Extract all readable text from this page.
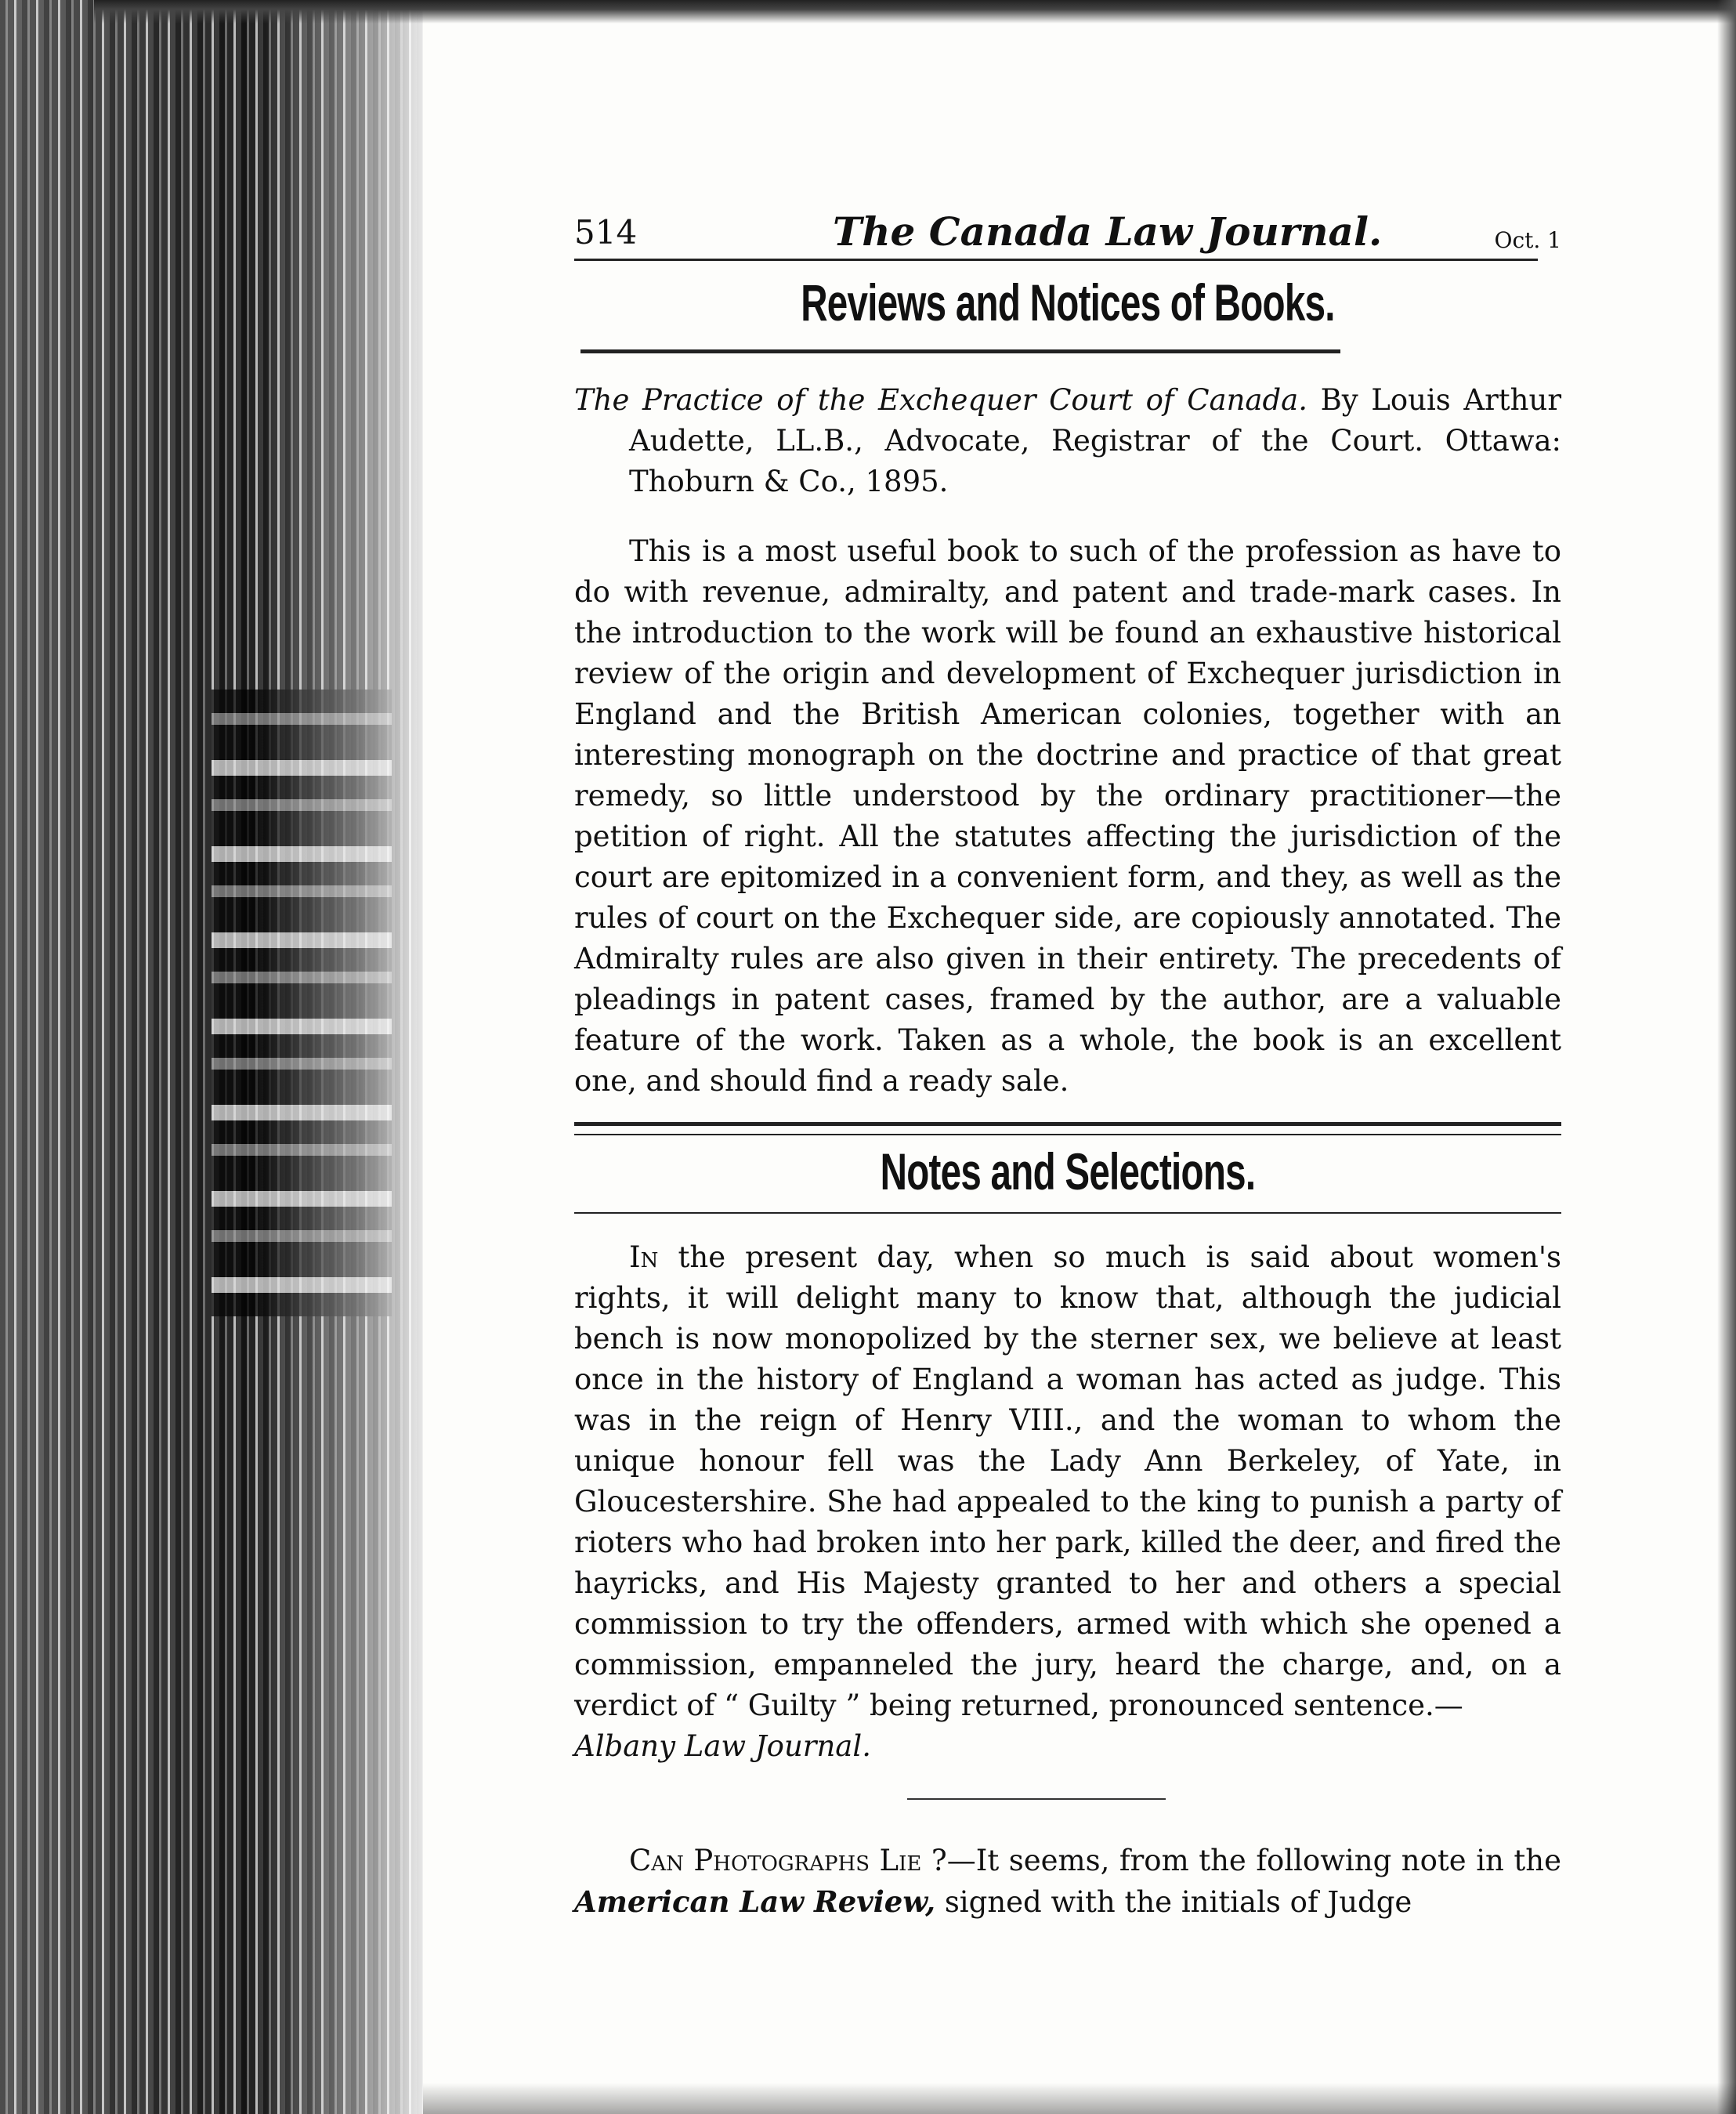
514	The Canada Law Journal.	Oct. 1
Reviews and Notices of Books.

The Practice of the Exchequer Court of Canada. By Louis Arthur Audette, LL.B., Advocate, Registrar of the Court. Ottawa: Thoburn & Co., 1895.

This is a most useful book to such of the profession as have to do with revenue, admiralty, and patent and trade-mark cases. In the introduction to the work will be found an exhaustive historical review of the origin and development of Exchequer jurisdiction in England and the British American colonies, together with an interesting monograph on the doctrine and practice of that great remedy, so little understood by the ordinary practitioner—the petition of right. All the statutes affecting the jurisdiction of the court are epitomized in a convenient form, and they, as well as the rules of court on the Exchequer side, are copiously annotated. The Admiralty rules are also given in their entirety. The precedents of pleadings in patent cases, framed by the author, are a valuable feature of the work. Taken as a whole, the book is an excellent one, and should find a ready sale.

Notes and Selections.

In the present day, when so much is said about women's rights, it will delight many to know that, although the judicial bench is now monopolized by the sterner sex, we believe at least once in the history of England a woman has acted as judge. This was in the reign of Henry VIII., and the woman to whom the unique honour fell was the Lady Ann Berkeley, of Yate, in Gloucestershire. She had appealed to the king to punish a party of rioters who had broken into her park, killed the deer, and fired the hayricks, and His Majesty granted to her and others a special commission to try the offenders, armed with which she opened a commission, empanneled the jury, heard the charge, and, on a verdict of “ Guilty ” being returned, pronounced sentence.—

Albany Law Journal.

Can Photographs Lie ?—It seems, from the following note in the American Law Review, signed with the initials of Judge
